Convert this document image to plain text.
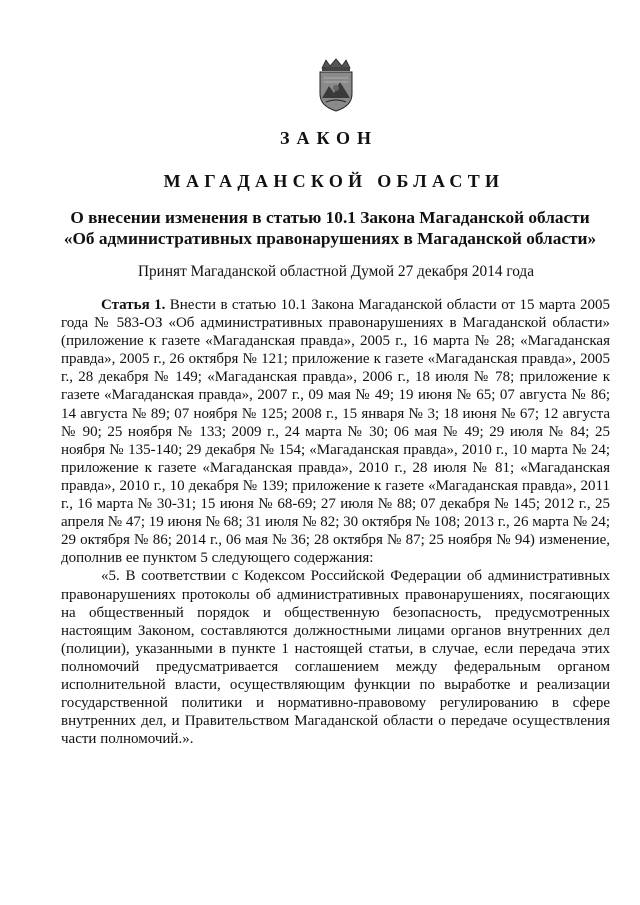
ЗАКОН
МАГАДАНСКОЙ ОБЛАСТИ
О внесении изменения в статью 10.1 Закона Магаданской области
«Об административных правонарушениях в Магаданской области»
Принят Магаданской областной Думой 27 декабря 2014 года

Статья 1. Внести в статью 10.1 Закона Магаданской области от 15 марта 2005 года № 583-ОЗ «Об административных правонарушениях в Магаданской области» (приложение к газете «Магаданская правда», 2005 г., 16 марта № 28; «Магаданская правда», 2005 г., 26 октября № 121; приложение к газете «Магаданская правда», 2005 г., 28 декабря № 149; «Магаданская правда», 2006 г., 18 июля № 78; приложение к газете «Магаданская правда», 2007 г., 09 мая № 49; 19 июня № 65; 07 августа № 86; 14 августа № 89; 07 ноября № 125; 2008 г., 15 января № 3; 18 июня № 67; 12 августа № 90; 25 ноября № 133; 2009 г., 24 марта № 30; 06 мая № 49; 29 июля № 84; 25 ноября № 135-140; 29 декабря № 154; «Магаданская правда», 2010 г., 10 марта № 24; приложение к газете «Магаданская правда», 2010 г., 28 июля № 81; «Магаданская правда», 2010 г., 10 декабря № 139; приложение к газете «Магаданская правда», 2011 г., 16 марта № 30-31; 15 июня № 68-69; 27 июля № 88; 07 декабря № 145; 2012 г., 25 апреля № 47; 19 июня № 68; 31 июля № 82; 30 октября № 108; 2013 г., 26 марта № 24; 29 октября № 86; 2014 г., 06 мая № 36; 28 октября № 87; 25 ноября № 94) изменение, дополнив ее пунктом 5 следующего содержания:

«5. В соответствии с Кодексом Российской Федерации об административных правонарушениях протоколы об административных правонарушениях, посягающих на общественный порядок и общественную безопасность, предусмотренных настоящим Законом, составляются должностными лицами органов внутренних дел (полиции), указанными в пункте 1 настоящей статьи, в случае, если передача этих полномочий предусматривается соглашением между федеральным органом исполнительной власти, осуществляющим функции по выработке и реализации государственной политики и нормативно-правовому регулированию в сфере внутренних дел, и Правительством Магаданской области о передаче осуществления части полномочий.».
